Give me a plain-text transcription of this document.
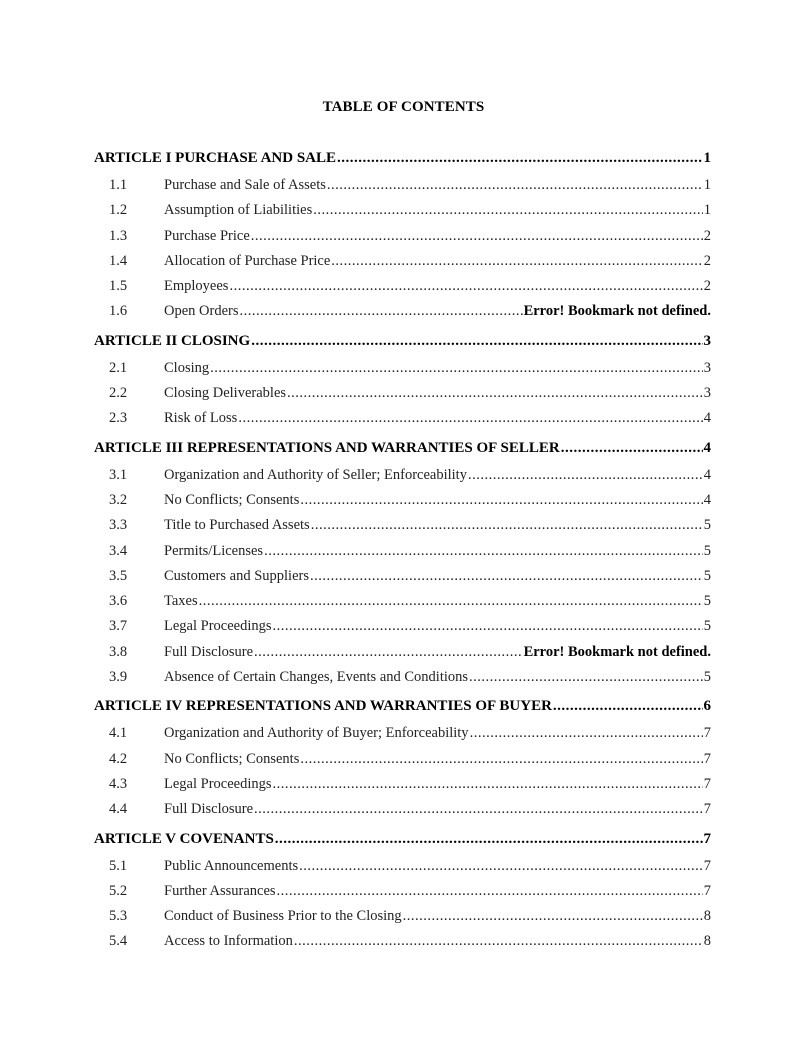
TABLE OF CONTENTS
ARTICLE I PURCHASE AND SALE .....	1
1.1	Purchase and Sale of Assets .....	1
1.2	Assumption of Liabilities .....	1
1.3	Purchase Price .....	2
1.4	Allocation of Purchase Price .....	2
1.5	Employees .....	2
1.6	Open Orders .....	Error! Bookmark not defined.
ARTICLE II CLOSING .....	3
2.1	Closing .....	3
2.2	Closing Deliverables .....	3
2.3	Risk of Loss .....	4
ARTICLE III REPRESENTATIONS AND WARRANTIES OF SELLER .....	4
3.1	Organization and Authority of Seller; Enforceability .....	4
3.2	No Conflicts; Consents .....	4
3.3	Title to Purchased Assets .....	5
3.4	Permits/Licenses .....	5
3.5	Customers and Suppliers .....	5
3.6	Taxes .....	5
3.7	Legal Proceedings .....	5
3.8	Full Disclosure .....	Error! Bookmark not defined.
3.9	Absence of Certain Changes, Events and Conditions .....	5
ARTICLE IV REPRESENTATIONS AND WARRANTIES OF BUYER .....	6
4.1	Organization and Authority of Buyer; Enforceability .....	7
4.2	No Conflicts; Consents .....	7
4.3	Legal Proceedings .....	7
4.4	Full Disclosure .....	7
ARTICLE V COVENANTS .....	7
5.1	Public Announcements .....	7
5.2	Further Assurances .....	7
5.3	Conduct of Business Prior to the Closing .....	8
5.4	Access to Information .....	8
